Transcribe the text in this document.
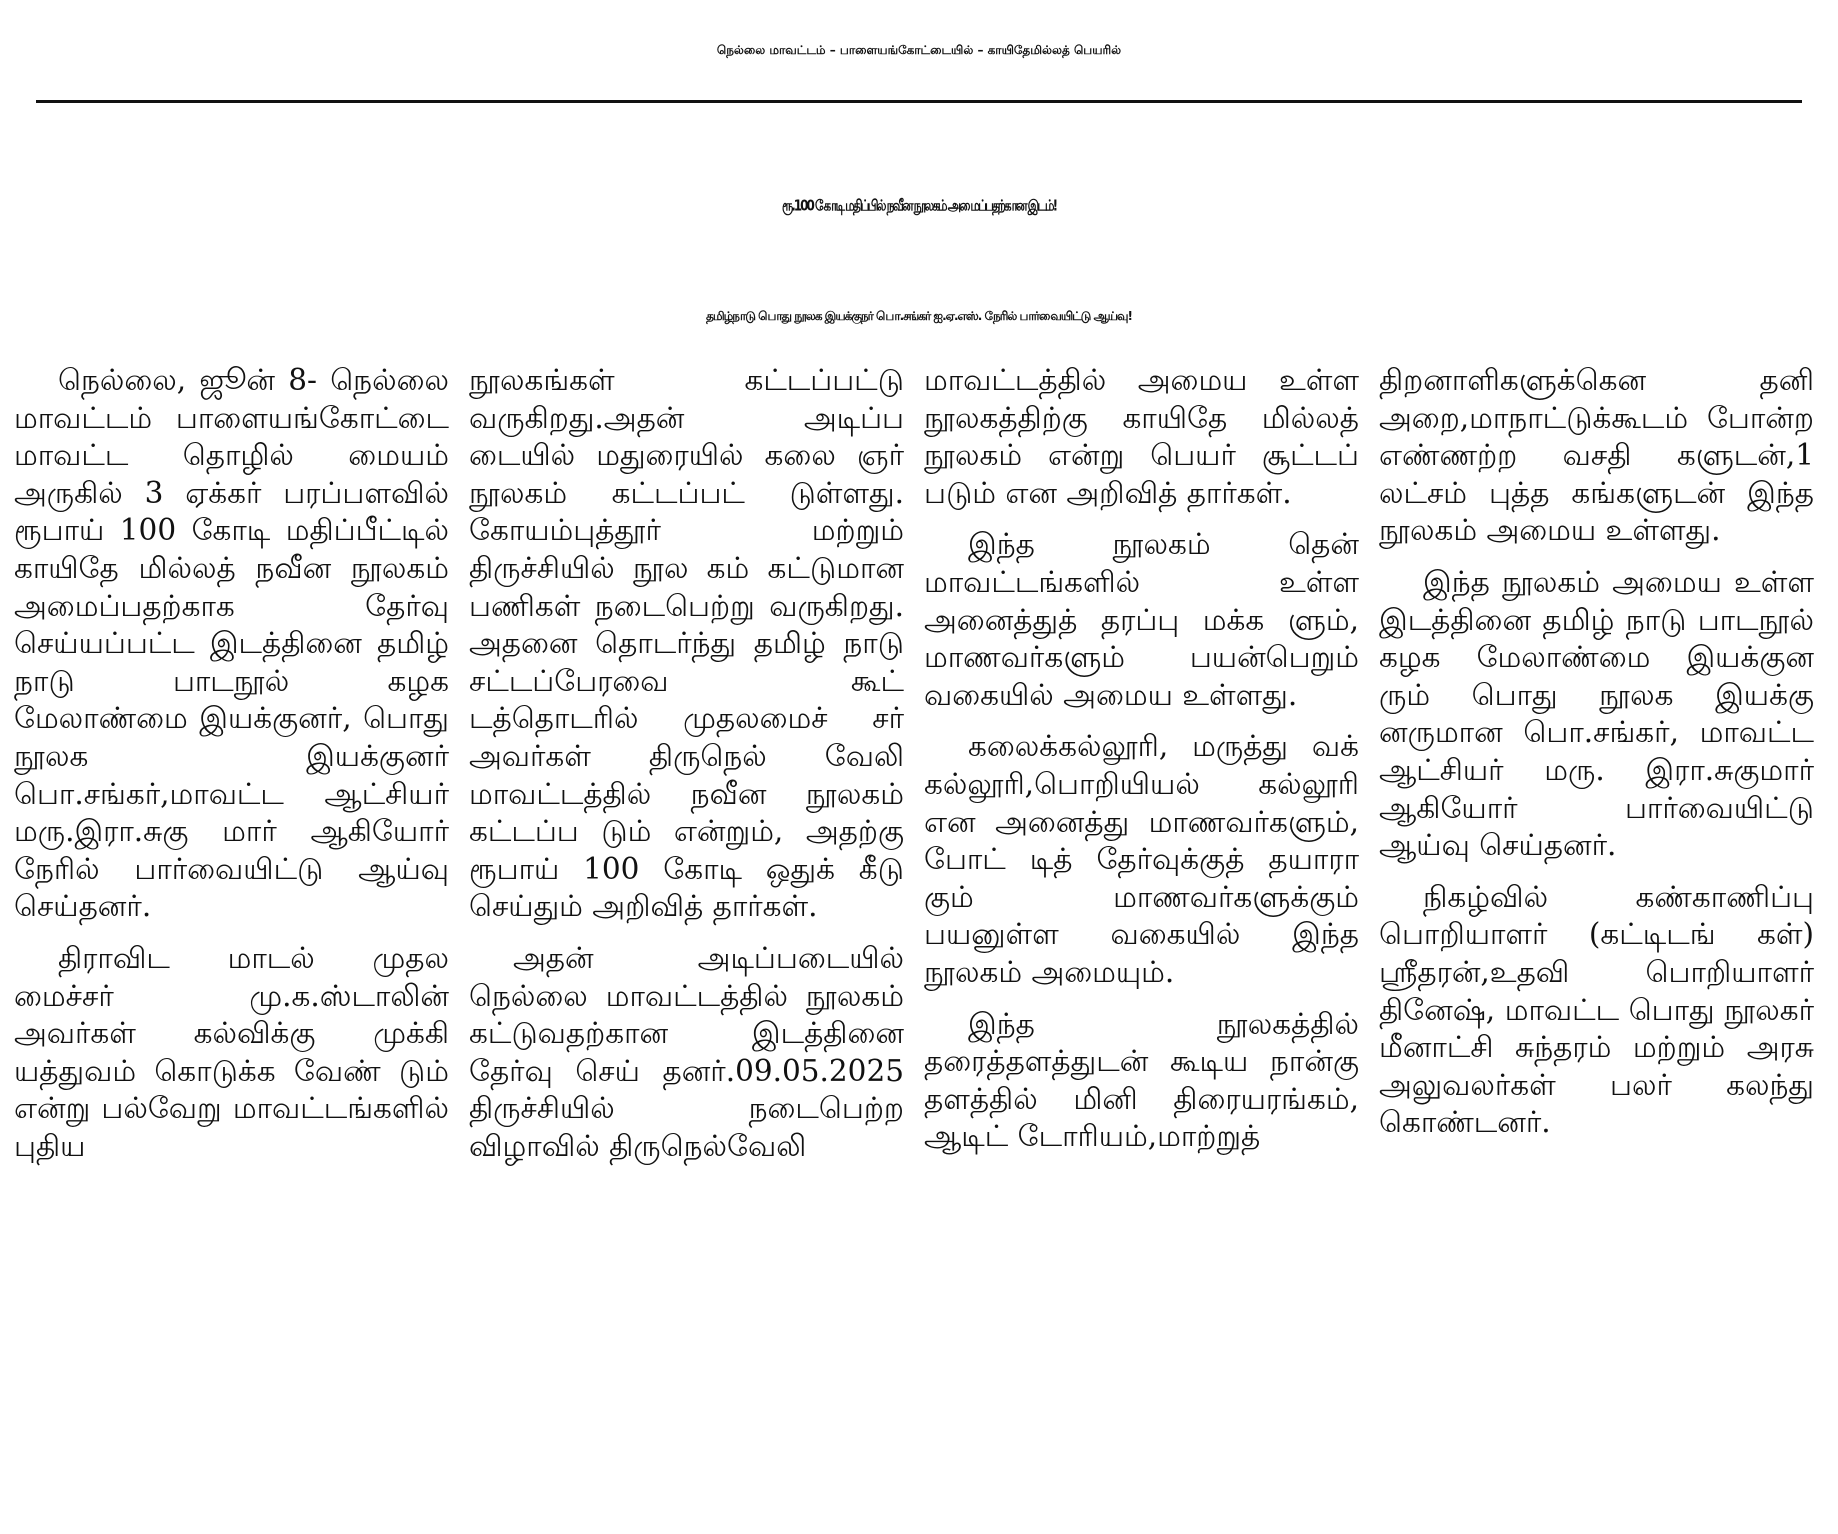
நெல்லை மாவட்டம் – பாளையங்கோட்டையில் – காயிதேமில்லத் பெயரில்
ரூ.100 கோடி மதிப்பில் நவீன நூலகம் அமைப்பதற்கான இடம்!
தமிழ்நாடு பொது நூலக இயக்குநர் பொ.சங்கர் ஐ.ஏ.எஸ். நேரில் பார்வையிட்டு ஆய்வு!

நெல்லை, ஜூன் 8- நெல்லை மாவட்டம் பாளையங்கோட்டை மாவட்ட தொழில் மையம் அருகில் 3 ஏக்கர் பரப்பளவில் ரூபாய் 100 கோடி மதிப்பீட்டில் காயிதே மில்லத் நவீன நூலகம் அமைப்பதற்காக தேர்வு செய்யப்பட்ட இடத்தினை தமிழ் நாடு பாடநூல் கழக மேலாண்மை இயக்குனர், பொது நூலக இயக்குனர் பொ.சங்கர்,மாவட்ட ஆட்சியர் மரு.இரா.சுகு மார் ஆகியோர் நேரில் பார்வையிட்டு ஆய்வு செய்தனர்.

திராவிட மாடல் முதல மைச்சர் மு.க.ஸ்டாலின் அவர்கள் கல்விக்கு முக்கி யத்துவம் கொடுக்க வேண் டும் என்று பல்வேறு மாவட்டங்களில் புதிய

நூலகங்கள் கட்டப்பட்டு வருகிறது.அதன் அடிப்ப டையில் மதுரையில் கலை ஞர் நூலகம் கட்டப்பட் டுள்ளது. கோயம்புத்தூர் மற்றும் திருச்சியில் நூல கம் கட்டுமான பணிகள் நடைபெற்று வருகிறது. அதனை தொடர்ந்து தமிழ் நாடு சட்டப்பேரவை கூட் டத்தொடரில் முதலமைச் சர் அவர்கள் திருநெல் வேலி மாவட்டத்தில் நவீன நூலகம் கட்டப்ப டும் என்றும், அதற்கு ரூபாய் 100 கோடி ஒதுக் கீடு செய்தும் அறிவித் தார்கள்.

அதன் அடிப்படையில் நெல்லை மாவட்டத்தில் நூலகம் கட்டுவதற்கான இடத்தினை தேர்வு செய் தனர்.09.05.2025 திருச்சியில் நடைபெற்ற விழாவில் திருநெல்வேலி

மாவட்டத்தில் அமைய உள்ள நூலகத்திற்கு காயிதே மில்லத் நூலகம் என்று பெயர் சூட்டப் படும் என அறிவித் தார்கள்.

இந்த நூலகம் தென் மாவட்டங்களில் உள்ள அனைத்துத் தரப்பு மக்க ளும், மாணவர்களும் பயன்பெறும் வகையில் அமைய உள்ளது.

கலைக்கல்லூரி, மருத்து வக் கல்லூரி,பொறியியல் கல்லூரி என அனைத்து மாணவர்களும், போட் டித் தேர்வுக்குத் தயாரா கும் மாணவர்களுக்கும் பயனுள்ள வகையில் இந்த நூலகம் அமையும்.

இந்த நூலகத்தில் தரைத்தளத்துடன் கூடிய நான்கு தளத்தில் மினி திரையரங்கம், ஆடிட் டோரியம்,மாற்றுத்

திறனாளிகளுக்கென தனி அறை,மாநாட்டுக்கூடம் போன்ற எண்ணற்ற வசதி களுடன்,1 லட்சம் புத்த கங்களுடன் இந்த நூலகம் அமைய உள்ளது.

இந்த நூலகம் அமைய உள்ள இடத்தினை தமிழ் நாடு பாடநூல் கழக மேலாண்மை இயக்குன ரும் பொது நூலக இயக்கு னருமான பொ.சங்கர், மாவட்ட ஆட்சியர் மரு. இரா.சுகுமார் ஆகியோர் பார்வையிட்டு ஆய்வு செய்தனர்.

நிகழ்வில் கண்காணிப்பு பொறியாளர் (கட்டிடங் கள்) ஸ்ரீதரன்,உதவி பொறியாளர் தினேஷ், மாவட்ட பொது நூலகர் மீனாட்சி சுந்தரம் மற்றும் அரசு அலுவலர்கள் பலர் கலந்து கொண்டனர்.
